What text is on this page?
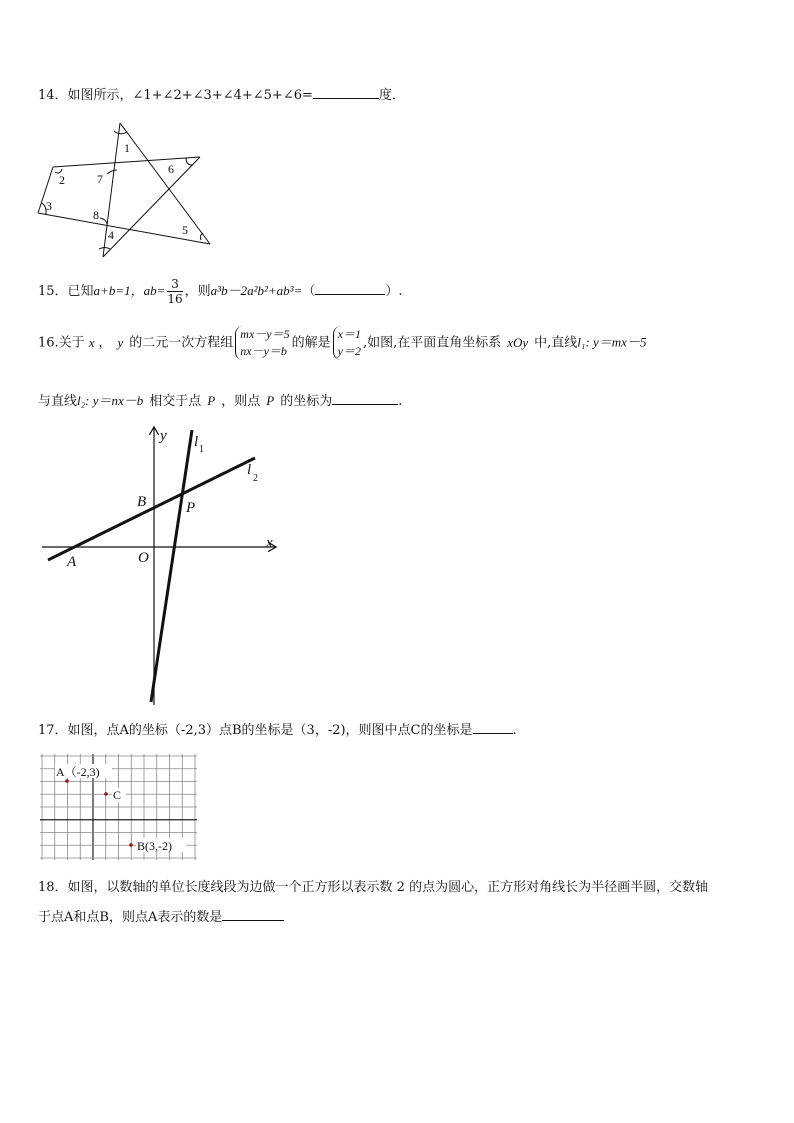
14．如图所示，∠1+∠2+∠3+∠4+∠5+∠6=	度．
1
2
3
4	5
6
7
8
15．已知a+b=1，$ab= \frac{3}{16}$ ，则a³b－2a²b²+ab³=（	）.
16.关于 x ， y 的二元一次方程组
mx－y＝5
nx－y＝b
的解是
x＝1
y＝2
,如图,在平面直角坐标系 xOy 中,直线l₁: y＝mx－5
与直线l₂: y＝nx－b 相交于点 P ，则点 P 的坐标为	.
y
x
l 1
l
2
B	P
O
A
17．如图，点A的坐标（-2,3）点B的坐标是（3，-2)，则图中点C的坐标是	.
A（-2,3)
C
B(3,-2)
18．如图，以数轴的单位长度线段为边做一个正方形以表示数 2 的点为圆心，正方形对角线长为半径画半圆，交数轴
于点A和点B，则点A表示的数是
